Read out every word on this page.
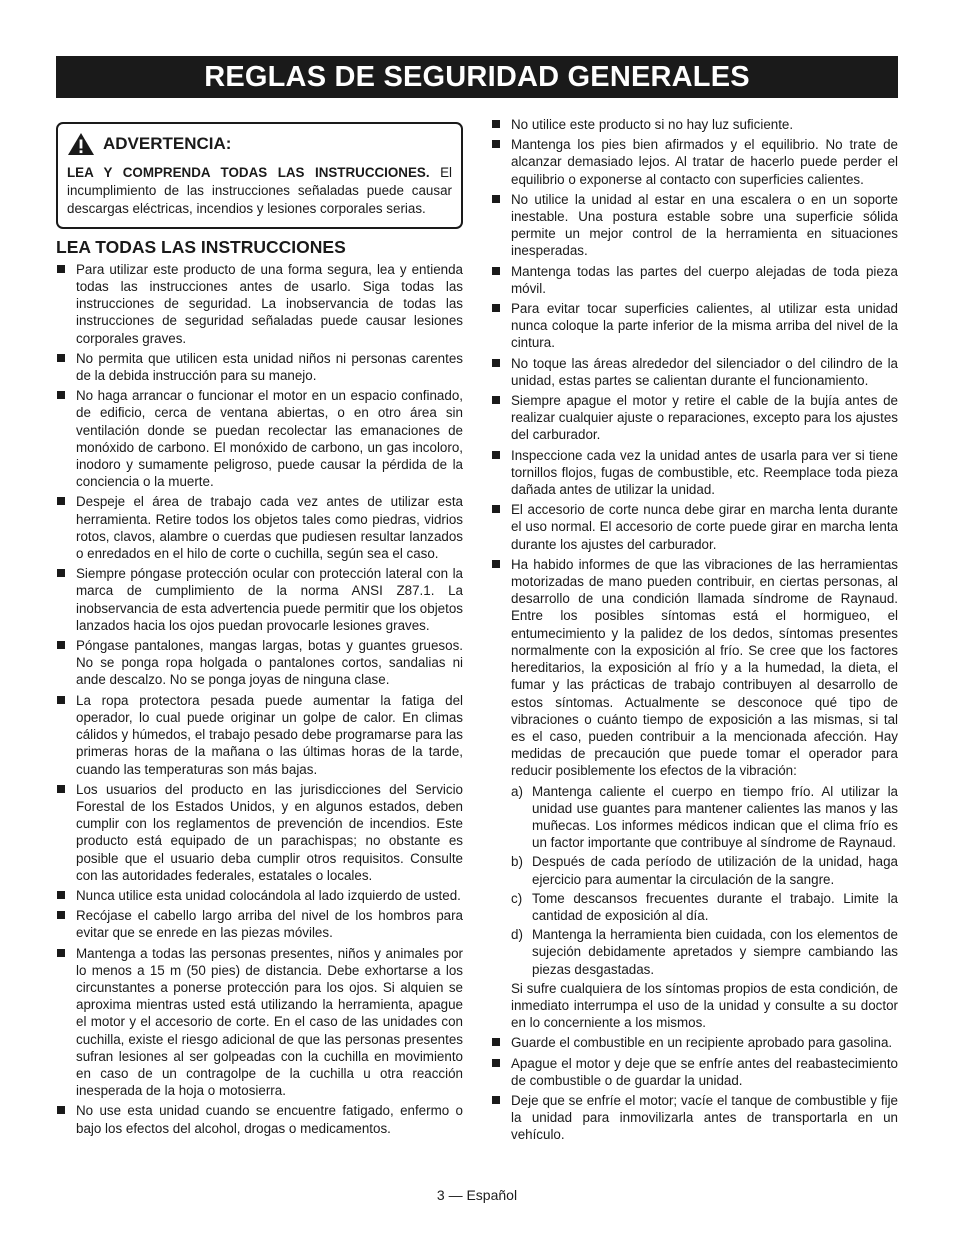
REGLAS DE SEGURIDAD GENERALES
ADVERTENCIA:
LEA Y COMPRENDA TODAS LAS INSTRUCCIONES. El incumplimiento de las instrucciones señaladas puede causar descargas eléctricas, incendios y lesiones corporales serias.
LEA TODAS LAS INSTRUCCIONES
Para utilizar este producto de una forma segura, lea y entienda todas las instrucciones antes de usarlo. Siga todas las instrucciones de seguridad. La inobservancia de todas las instrucciones de seguridad señaladas puede causar lesiones corporales graves.
No permita que utilicen esta unidad niños ni personas carentes de la debida instrucción para su manejo.
No haga arrancar o funcionar el motor en un espacio confinado, de edificio, cerca de ventana abiertas, o en otro área sin ventilación donde se puedan recolectar las emanaciones de monóxido de carbono. El monóxido de carbono, un gas incoloro, inodoro y sumamente peligroso, puede causar la pérdida de la conciencia o la muerte.
Despeje el área de trabajo cada vez antes de utilizar esta herramienta. Retire todos los objetos tales como piedras, vidrios rotos, clavos, alambre o cuerdas que pudiesen resultar lanzados o enredados en el hilo de corte o cuchilla, según sea el caso.
Siempre póngase protección ocular con protección lateral con la marca de cumplimiento de la norma ANSI Z87.1. La inobservancia de esta advertencia puede permitir que los objetos lanzados hacia los ojos puedan provocarle lesiones graves.
Póngase pantalones, mangas largas, botas y guantes gruesos. No se ponga ropa holgada o pantalones cortos, sandalias ni ande descalzo. No se ponga joyas de ninguna clase.
La ropa protectora pesada puede aumentar la fatiga del operador, lo cual puede originar un golpe de calor. En climas cálidos y húmedos, el trabajo pesado debe programarse para las primeras horas de la mañana o las últimas horas de la tarde, cuando las temperaturas son más bajas.
Los usuarios del producto en las jurisdicciones del Servicio Forestal de los Estados Unidos, y en algunos estados, deben cumplir con los reglamentos de prevención de incendios. Este producto está equipado de un parachispas; no obstante es posible que el usuario deba cumplir otros requisitos. Consulte con las autoridades federales, estatales o locales.
Nunca utilice esta unidad colocándola al lado izquierdo de usted.
Recójase el cabello largo arriba del nivel de los hombros para evitar que se enrede en las piezas móviles.
Mantenga a todas las personas presentes, niños y animales por lo menos a 15 m (50 pies) de distancia. Debe exhortarse a los circunstantes a ponerse protección para los ojos. Si alquien se aproxima mientras usted está utilizando la herramienta, apague el motor y el accesorio de corte. En el caso de las unidades con cuchilla, existe el riesgo adicional de que las personas presentes sufran lesiones al ser golpeadas con la cuchilla en movimiento en caso de un contragolpe de la cuchilla u otra reacción inesperada de la hoja o motosierra.
No use esta unidad cuando se encuentre fatigado, enfermo o bajo los efectos del alcohol, drogas o medicamentos.
No utilice este producto si no hay luz suficiente.
Mantenga los pies bien afirmados y el equilibrio. No trate de alcanzar demasiado lejos. Al tratar de hacerlo puede perder el equilibrio o exponerse al contacto con superficies calientes.
No utilice la unidad al estar en una escalera o en un soporte inestable. Una postura estable sobre una superficie sólida permite un mejor control de la herramienta en situaciones inesperadas.
Mantenga todas las partes del cuerpo alejadas de toda pieza móvil.
Para evitar tocar superficies calientes, al utilizar esta unidad nunca coloque la parte inferior de la misma arriba del nivel de la cintura.
No toque las áreas alrededor del silenciador o del cilindro de la unidad, estas partes se calientan durante el funcionamiento.
Siempre apague el motor y retire el cable de la bujía antes de realizar cualquier ajuste o reparaciones, excepto para los ajustes del carburador.
Inspeccione cada vez la unidad antes de usarla para ver si tiene tornillos flojos, fugas de combustible, etc. Reemplace toda pieza dañada antes de utilizar la unidad.
El accesorio de corte nunca debe girar en marcha lenta durante el uso normal. El accesorio de corte puede girar en marcha lenta durante los ajustes del carburador.
Ha habido informes de que las vibraciones de las herramientas motorizadas de mano pueden contribuir, en ciertas personas, al desarrollo de una condición llamada síndrome de Raynaud. Entre los posibles síntomas está el hormigueo, el entumecimiento y la palidez de los dedos, síntomas presentes normalmente con la exposición al frío. Se cree que los factores hereditarios, la exposición al frío y a la humedad, la dieta, el fumar y las prácticas de trabajo contribuyen al desarrollo de estos síntomas. Actualmente se desconoce qué tipo de vibraciones o cuánto tiempo de exposición a las mismas, si tal es el caso, pueden contribuir a la mencionada afección. Hay medidas de precaución que puede tomar el operador para reducir posiblemente los efectos de la vibración:
a) Mantenga caliente el cuerpo en tiempo frío. Al utilizar la unidad use guantes para mantener calientes las manos y las muñecas. Los informes médicos indican que el clima frío es un factor importante que contribuye al síndrome de Raynaud.
b) Después de cada período de utilización de la unidad, haga ejercicio para aumentar la circulación de la sangre.
c) Tome descansos frecuentes durante el trabajo. Limite la cantidad de exposición al día.
d) Mantenga la herramienta bien cuidada, con los elementos de sujeción debidamente apretados y siempre cambiando las piezas desgastadas.
Si sufre cualquiera de los síntomas propios de esta condición, de inmediato interrumpa el uso de la unidad y consulte a su doctor en lo concerniente a los mismos.
Guarde el combustible en un recipiente aprobado para gasolina.
Apague el motor y deje que se enfríe antes del reabastecimiento de combustible o de guardar la unidad.
Deje que se enfríe el motor; vacíe el tanque de combustible y fije la unidad para inmovilizarla antes de transportarla en un vehículo.
3 — Español
